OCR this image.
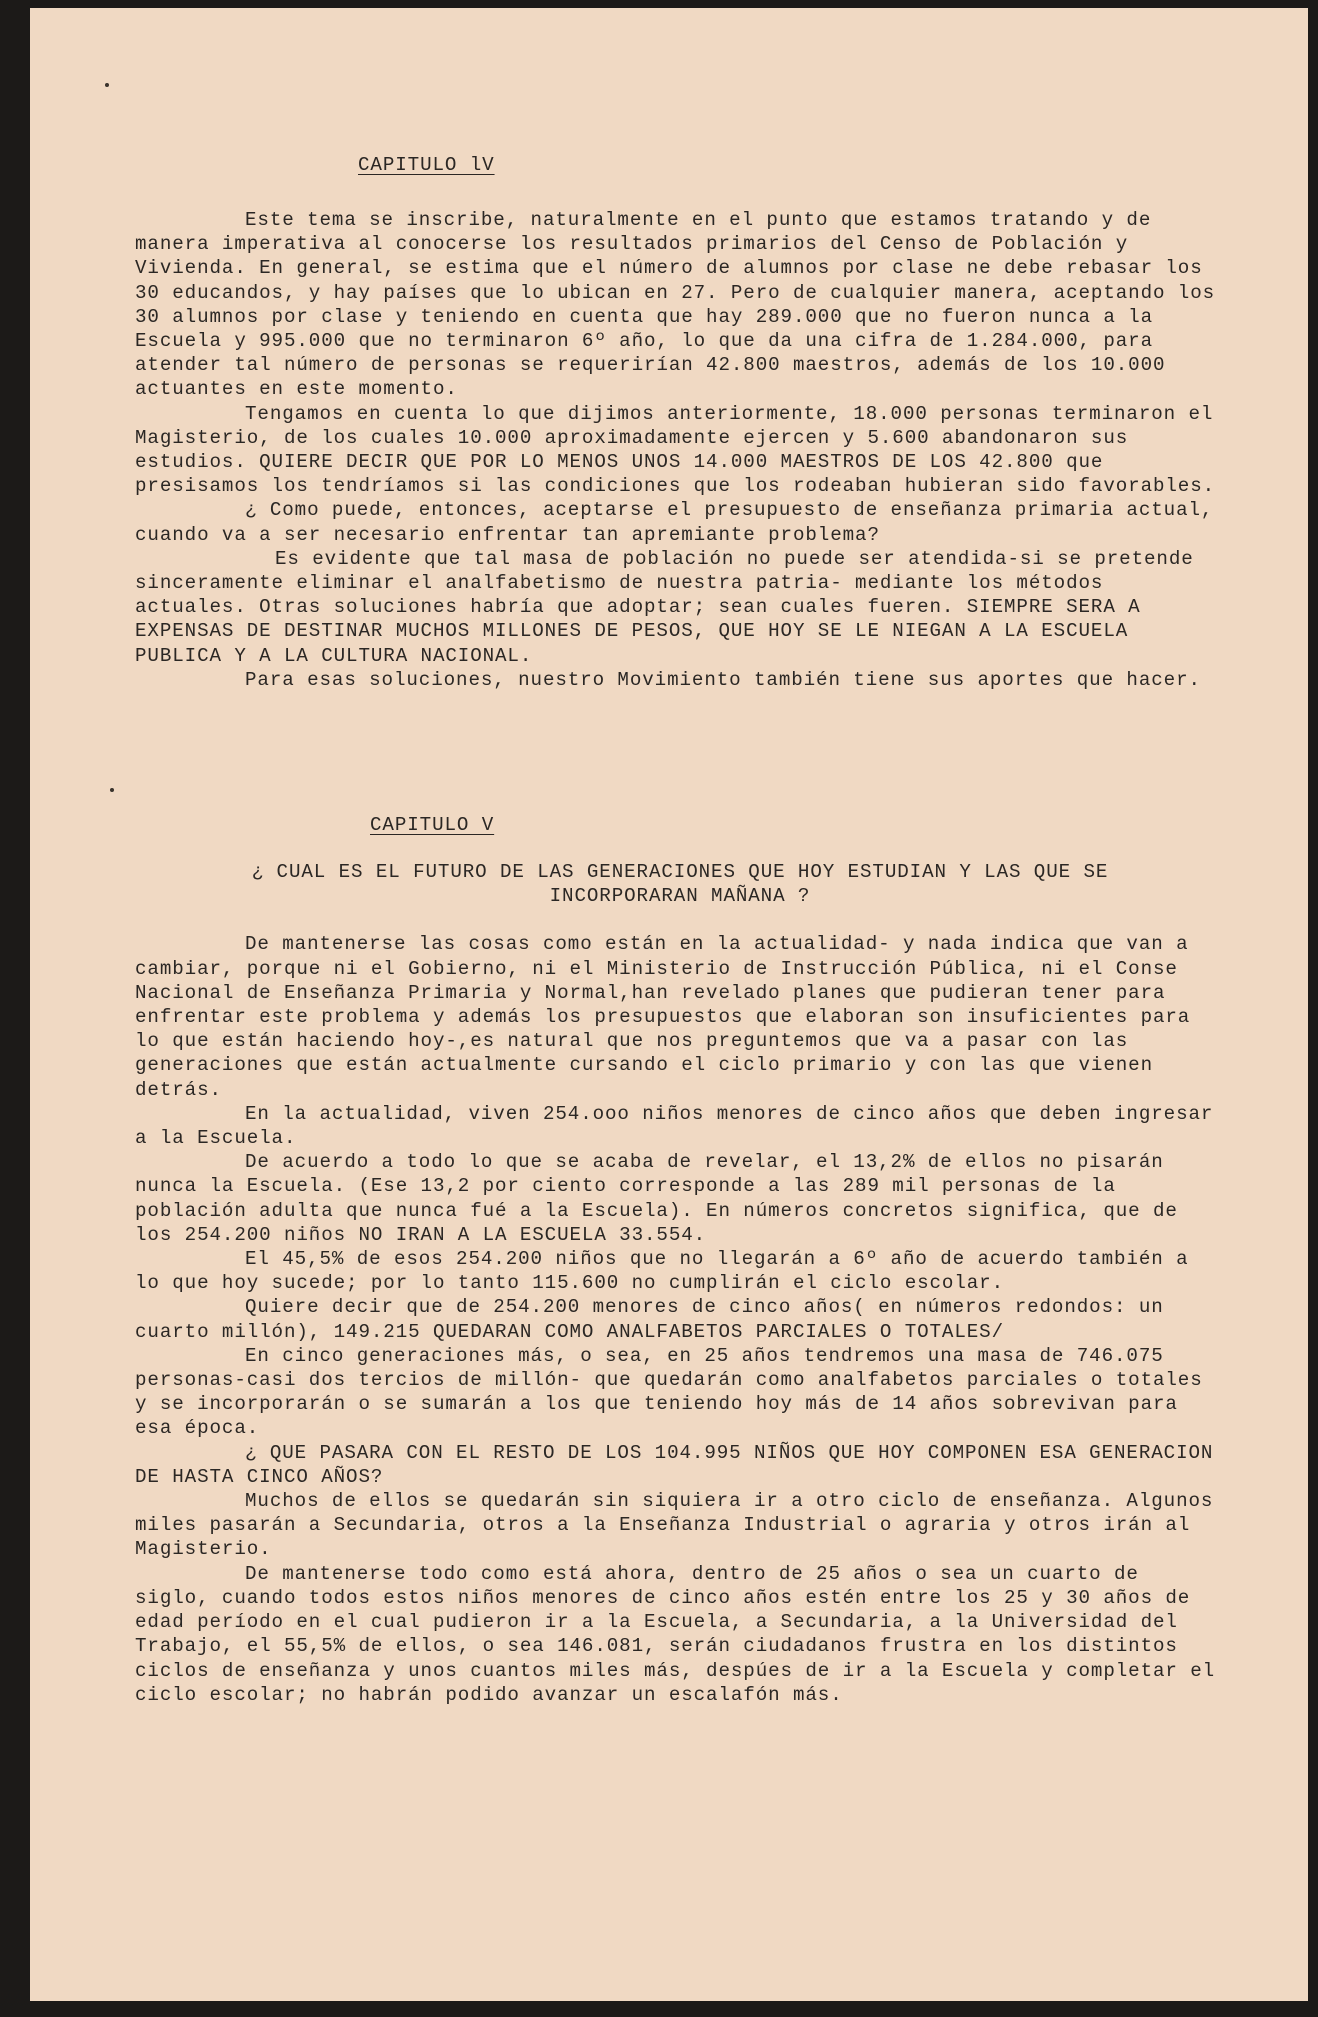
CAPITULO lV

Este tema se inscribe, naturalmente en el punto que estamos tratando y de manera imperativa al conocerse los resultados primarios del Censo de Población y Vivienda. En general, se estima que el número de alumnos por clase ne debe rebasar los 30 educandos, y hay países que lo ubican en 27. Pero de cualquier manera, aceptando los 30 alumnos por clase y teniendo en cuenta que hay 289.000 que no fueron nunca a la Escuela y 995.000 que no terminaron 6º año, lo que da una cifra de 1.284.000, para atender tal número de personas se requerirían 42.800 maestros, además de los 10.000 actuantes en este momento.

Tengamos en cuenta lo que dijimos anteriormente, 18.000 personas terminaron el Magisterio, de los cuales 10.000 aproximadamente ejercen y 5.600 abandonaron sus estudios. QUIERE DECIR QUE POR LO MENOS UNOS 14.000 MAESTROS DE LOS 42.800 que presisamos los tendríamos si las condiciones que los rodeaban hubieran sido favorables.

¿ Como puede, entonces, aceptarse el presupuesto de enseñanza primaria actual, cuando va a ser necesario enfrentar tan apremiante problema?

Es evidente que tal masa de población no puede ser atendida-si se pretende sinceramente eliminar el analfabetismo de nuestra patria- mediante los métodos actuales. Otras soluciones habría que adoptar; sean cuales fueren. SIEMPRE SERA A EXPENSAS DE DESTINAR MUCHOS MILLONES DE PESOS, QUE HOY SE LE NIEGAN A LA ESCUELA PUBLICA Y A LA CULTURA NACIONAL.

Para esas soluciones, nuestro Movimiento también tiene sus aportes que hacer.

CAPITULO V

¿ CUAL ES EL FUTURO DE LAS GENERACIONES QUE HOY ESTUDIAN Y LAS QUE SE INCORPORARAN MAÑANA ?

De mantenerse las cosas como están en la actualidad- y nada indica que van a cambiar, porque ni el Gobierno, ni el Ministerio de Instrucción Pública, ni el Conse Nacional de Enseñanza Primaria y Normal,han revelado planes que pudieran tener para enfrentar este problema y además los presupuestos que elaboran son insuficientes para lo que están haciendo hoy-,es natural que nos preguntemos que va a pasar con las generaciones que están actualmente cursando el ciclo primario y con las que vienen detrás.

En la actualidad, viven 254.ooo niños menores de cinco años que deben ingresar a la Escuela.

De acuerdo a todo lo que se acaba de revelar, el 13,2% de ellos no pisarán nunca la Escuela. (Ese 13,2 por ciento corresponde a las 289 mil personas de la población adulta que nunca fué a la Escuela). En números concretos significa, que de los 254.200 niños NO IRAN A LA ESCUELA 33.554.

El 45,5% de esos 254.200 niños que no llegarán a 6º año de acuerdo también a lo que hoy sucede; por lo tanto 115.600 no cumplirán el ciclo escolar.

Quiere decir que de 254.200 menores de cinco años( en números redondos: un cuarto millón), 149.215 QUEDARAN COMO ANALFABETOS PARCIALES O TOTALES/

En cinco generaciones más, o sea, en 25 años tendremos una masa de 746.075 personas-casi dos tercios de millón- que quedarán como analfabetos parciales o totales y se incorporarán o se sumarán a los que teniendo hoy más de 14 años sobrevivan para esa época.

¿ QUE PASARA CON EL RESTO DE LOS 104.995 NIÑOS QUE HOY COMPONEN ESA GENERACION DE HASTA CINCO AÑOS?

Muchos de ellos se quedarán sin siquiera ir a otro ciclo de enseñanza. Algunos miles pasarán a Secundaria, otros a la Enseñanza Industrial o agraria y otros irán al Magisterio.

De mantenerse todo como está ahora, dentro de 25 años o sea un cuarto de siglo, cuando todos estos niños menores de cinco años estén entre los 25 y 30 años de edad período en el cual pudieron ir a la Escuela, a Secundaria, a la Universidad del Trabajo, el 55,5% de ellos, o sea 146.081, serán ciudadanos frustra en los distintos ciclos de enseñanza y unos cuantos miles más, despúes de ir a la Escuela y completar el ciclo escolar; no habrán podido avanzar un escalafón más.
